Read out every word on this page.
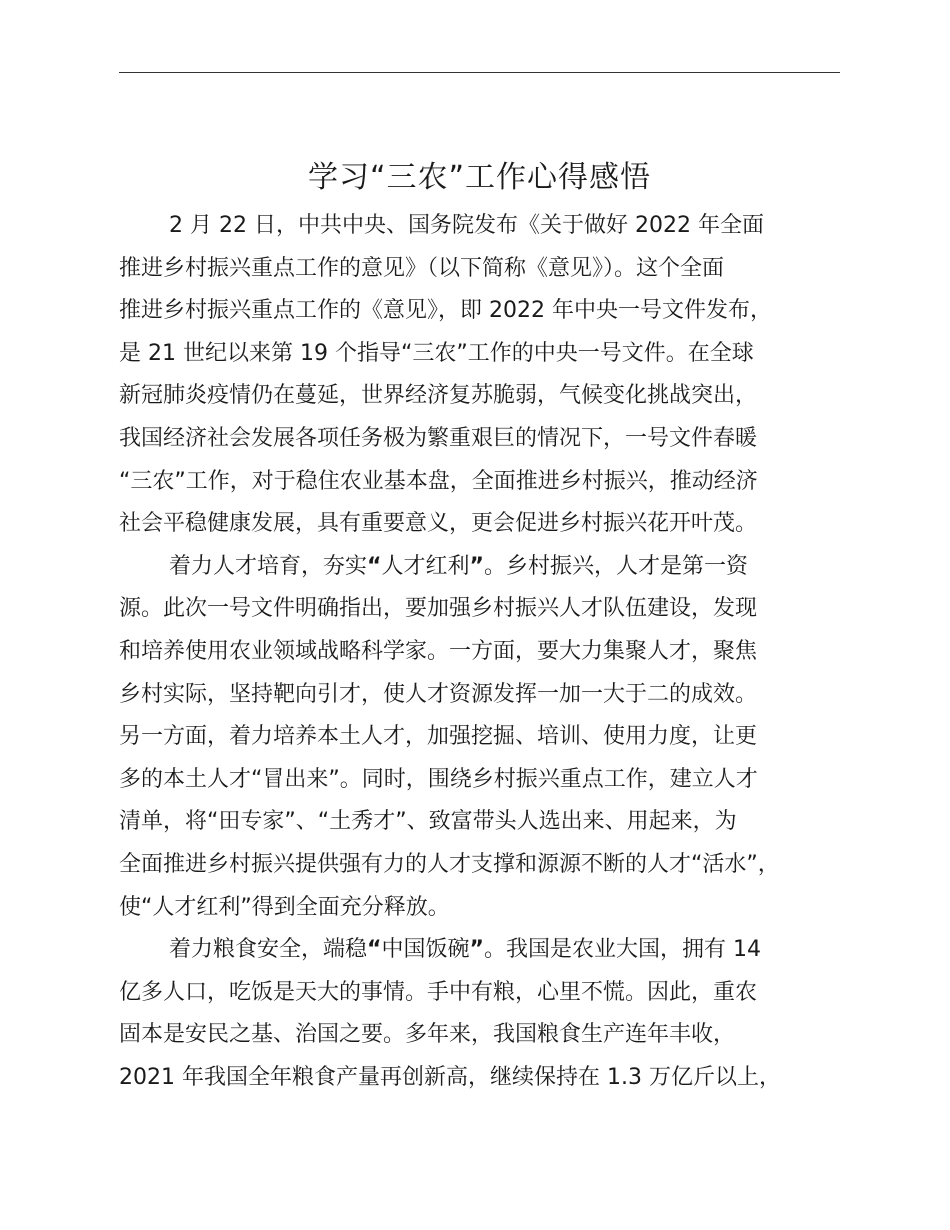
学习“三农”工作心得感悟
2 月 22 日，中共中央、国务院发布《关于做好 2022 年全面
推进乡村振兴重点工作的意见》（以下简称《意见》）。这个全面
推进乡村振兴重点工作的《意见》，即 2022 年中央一号文件发布，
是 21 世纪以来第 19 个指导“三农”工作的中央一号文件。在全球
新冠肺炎疫情仍在蔓延，世界经济复苏脆弱，气候变化挑战突出，
我国经济社会发展各项任务极为繁重艰巨的情况下，一号文件春暖
“三农”工作，对于稳住农业基本盘，全面推进乡村振兴，推动经济
社会平稳健康发展，具有重要意义，更会促进乡村振兴花开叶茂。
着力人才培育，夯实“人才红利”。乡村振兴，人才是第一资
源。此次一号文件明确指出，要加强乡村振兴人才队伍建设，发现
和培养使用农业领域战略科学家。一方面，要大力集聚人才，聚焦
乡村实际，坚持靶向引才，使人才资源发挥一加一大于二的成效。
另一方面，着力培养本土人才，加强挖掘、培训、使用力度，让更
多的本土人才“冒出来”。同时，围绕乡村振兴重点工作，建立人才
清单，将“田专家”、“土秀才”、致富带头人选出来、用起来，为
全面推进乡村振兴提供强有力的人才支撑和源源不断的人才“活水”，
使“人才红利”得到全面充分释放。
着力粮食安全，端稳“中国饭碗”。我国是农业大国，拥有 14
亿多人口，吃饭是天大的事情。手中有粮，心里不慌。因此，重农
固本是安民之基、治国之要。多年来，我国粮食生产连年丰收，
2021 年我国全年粮食产量再创新高，继续保持在 1.3 万亿斤以上，
